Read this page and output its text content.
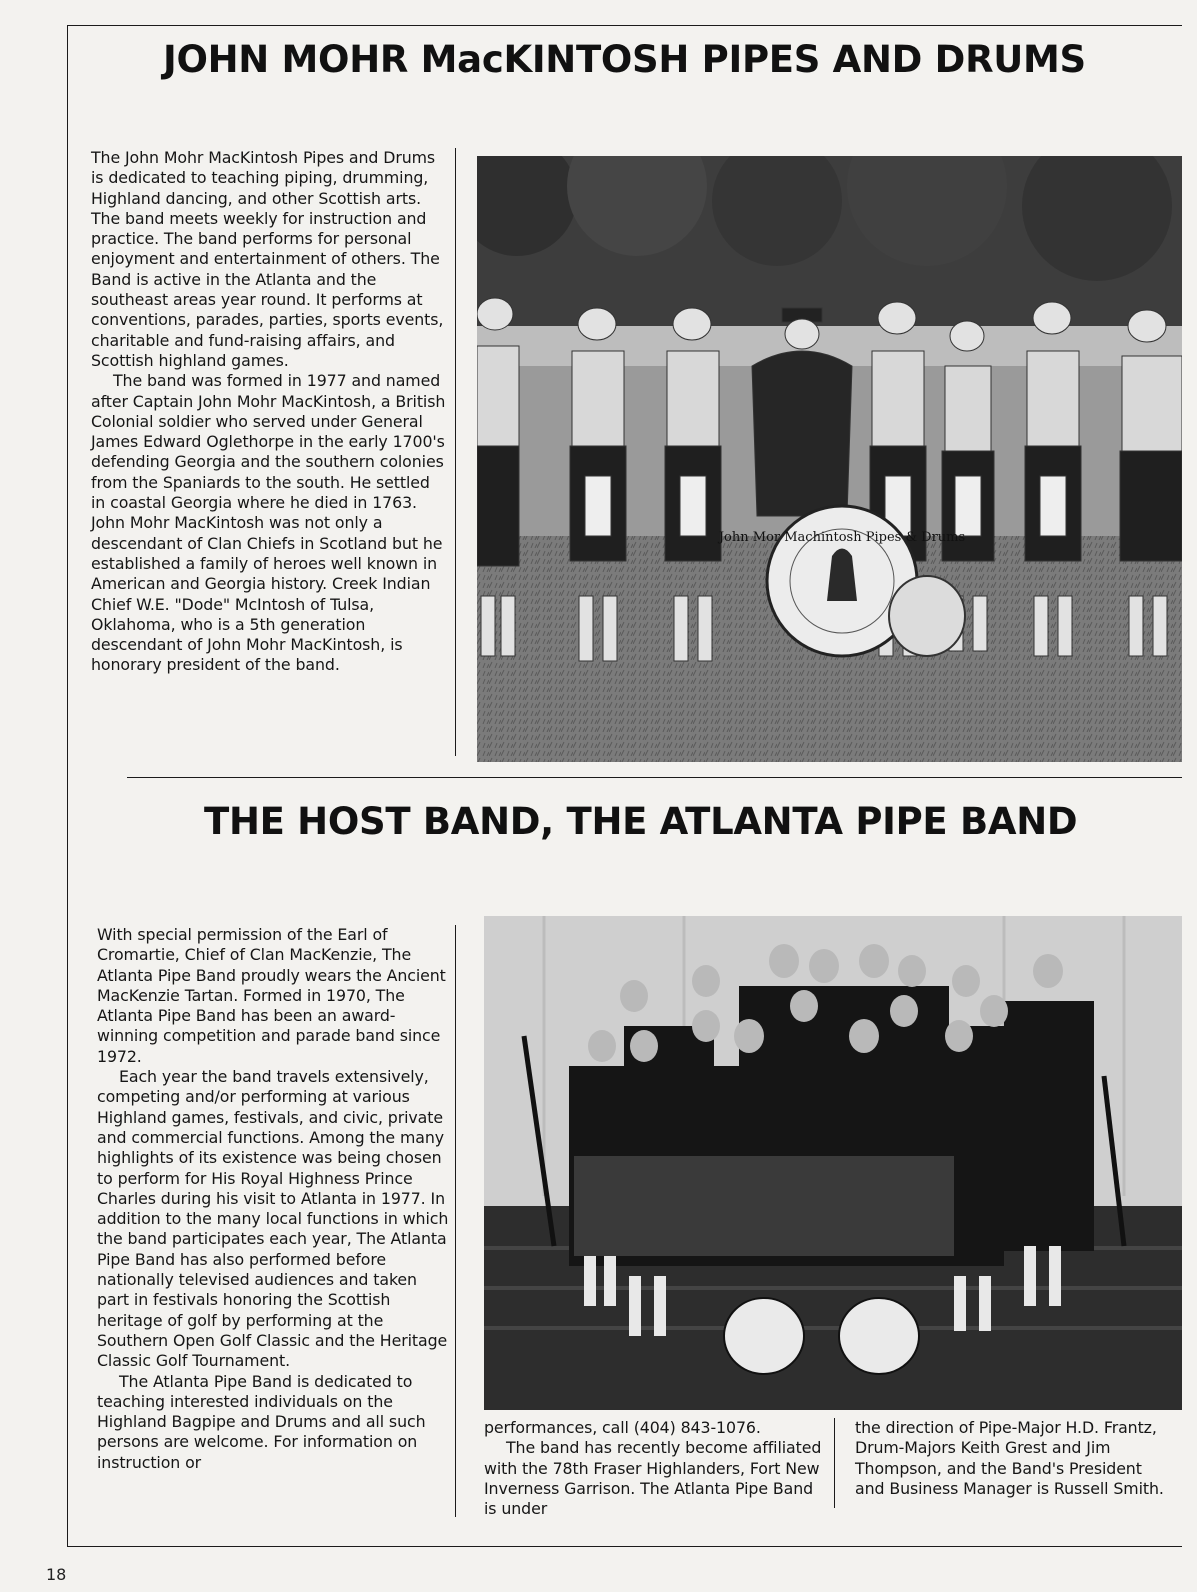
JOHN MOHR MacKINTOSH PIPES AND DRUMS

The John Mohr MacKintosh Pipes and Drums is dedicated to teaching piping, drumming, Highland dancing, and other Scottish arts. The band meets weekly for instruction and practice. The band performs for personal enjoyment and entertainment of others. The Band is active in the Atlanta and the southeast areas year round. It performs at conventions, parades, parties, sports events, charitable and fund-raising affairs, and Scottish highland games.

The band was formed in 1977 and named after Captain John Mohr MacKintosh, a British Colonial soldier who served under General James Edward Oglethorpe in the early 1700's defending Georgia and the southern colonies from the Spaniards to the south. He settled in coastal Georgia where he died in 1763. John Mohr MacKintosh was not only a descendant of Clan Chiefs in Scotland but he established a family of heroes well known in American and Georgia history. Creek Indian Chief W.E. "Dode" McIntosh of Tulsa, Oklahoma, who is a 5th generation descendant of John Mohr MacKintosh, is honorary president of the band.

John Mor Machintosh Pipes & Drums
THE HOST BAND, THE ATLANTA PIPE BAND

With special permission of the Earl of Cromartie, Chief of Clan MacKenzie, The Atlanta Pipe Band proudly wears the Ancient MacKenzie Tartan. Formed in 1970, The Atlanta Pipe Band has been an award-winning competition and parade band since 1972.

Each year the band travels extensively, competing and/or performing at various Highland games, festivals, and civic, private and commercial functions. Among the many highlights of its existence was being chosen to perform for His Royal Highness Prince Charles during his visit to Atlanta in 1977. In addition to the many local functions in which the band participates each year, The Atlanta Pipe Band has also performed before nationally televised audiences and taken part in festivals honoring the Scottish heritage of golf by performing at the Southern Open Golf Classic and the Heritage Classic Golf Tournament.

The Atlanta Pipe Band is dedicated to teaching interested individuals on the Highland Bagpipe and Drums and all such persons are welcome. For information on instruction or

performances, call (404) 843-1076.

The band has recently become affiliated with the 78th Fraser Highlanders, Fort New Inverness Garrison. The Atlanta Pipe Band is under

the direction of Pipe-Major H.D. Frantz, Drum-Majors Keith Grest and Jim Thompson, and the Band's President and Business Manager is Russell Smith.

18
